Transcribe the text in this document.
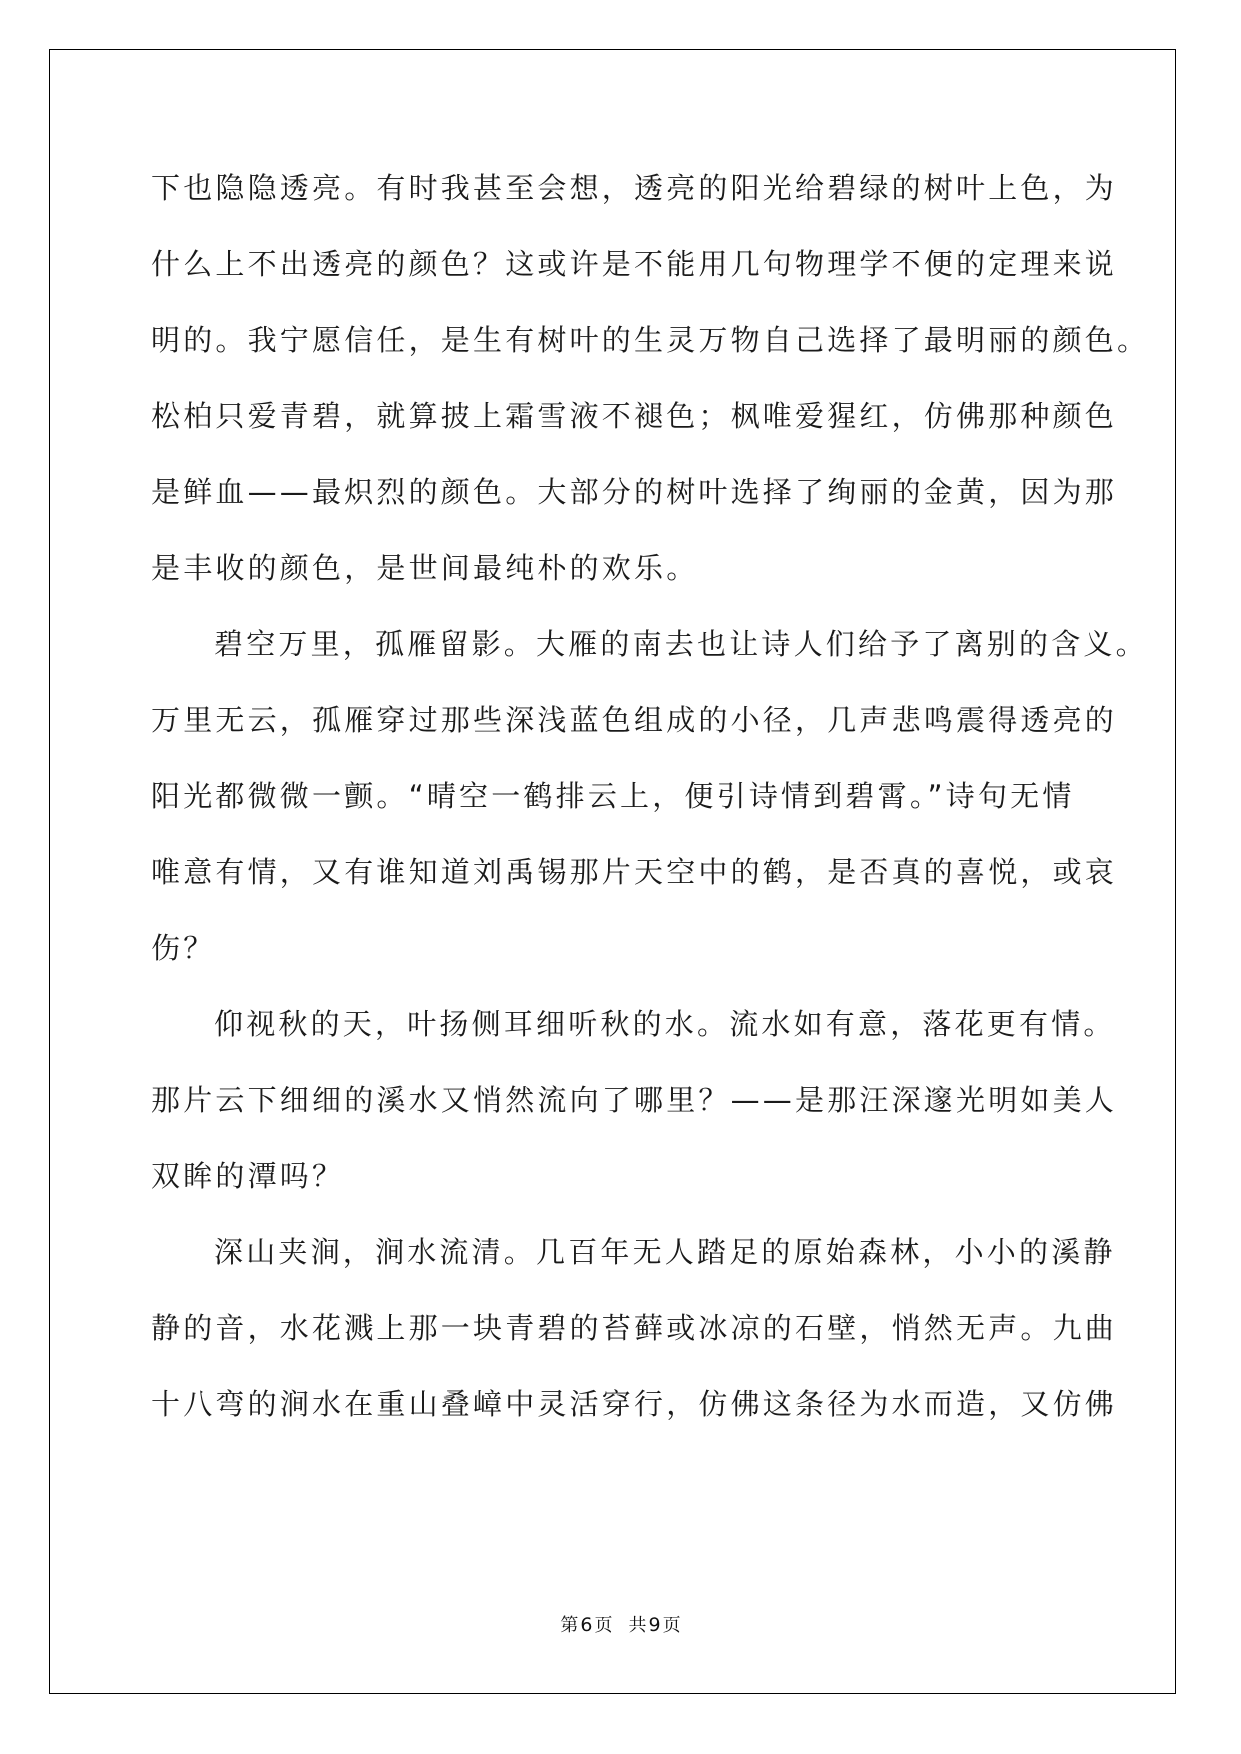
下也隐隐透亮。有时我甚至会想，透亮的阳光给碧绿的树叶上色，为
什么上不出透亮的颜色？这或许是不能用几句物理学不便的定理来说
明的。我宁愿信任，是生有树叶的生灵万物自己选择了最明丽的颜色。
松柏只爱青碧，就算披上霜雪液不褪色；枫唯爱猩红，仿佛那种颜色
是鲜血——最炽烈的颜色。大部分的树叶选择了绚丽的金黄，因为那
是丰收的颜色，是世间最纯朴的欢乐。
碧空万里，孤雁留影。大雁的南去也让诗人们给予了离别的含义。
万里无云，孤雁穿过那些深浅蓝色组成的小径，几声悲鸣震得透亮的
阳光都微微一颤。“晴空一鹤排云上，便引诗情到碧霄。”诗句无情
唯意有情，又有谁知道刘禹锡那片天空中的鹤，是否真的喜悦，或哀
伤？
仰视秋的天，叶扬侧耳细听秋的水。流水如有意，落花更有情。
那片云下细细的溪水又悄然流向了哪里？——是那汪深邃光明如美人
双眸的潭吗？
深山夹涧，涧水流清。几百年无人踏足的原始森林，小小的溪静
静的音，水花溅上那一块青碧的苔藓或冰凉的石壁，悄然无声。九曲
十八弯的涧水在重山叠嶂中灵活穿行，仿佛这条径为水而造，又仿佛
第 6 页 共 9 页
